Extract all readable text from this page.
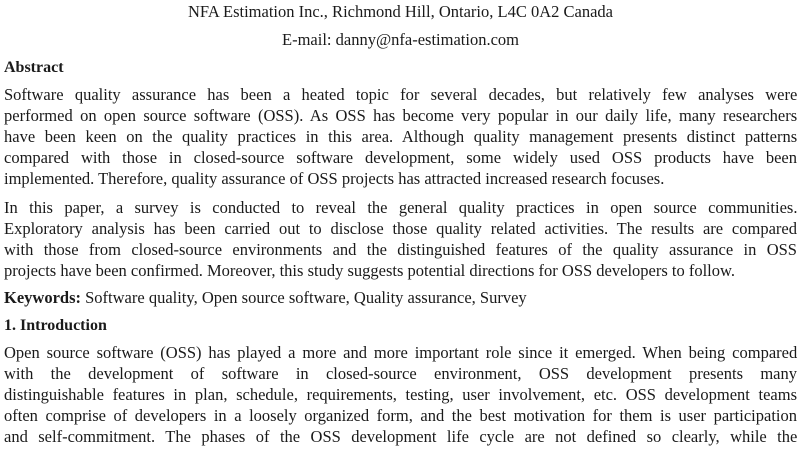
NFA Estimation Inc., Richmond Hill, Ontario, L4C 0A2 Canada
E-mail: danny@nfa-estimation.com
Abstract
Software quality assurance has been a heated topic for several decades, but relatively few analyses were
performed on open source software (OSS). As OSS has become very popular in our daily life, many researchers
have been keen on the quality practices in this area. Although quality management presents distinct patterns
compared with those in closed-source software development, some widely used OSS products have been
implemented. Therefore, quality assurance of OSS projects has attracted increased research focuses.
In this paper, a survey is conducted to reveal the general quality practices in open source communities.
Exploratory analysis has been carried out to disclose those quality related activities. The results are compared
with those from closed-source environments and the distinguished features of the quality assurance in OSS
projects have been confirmed. Moreover, this study suggests potential directions for OSS developers to follow.
Keywords: Software quality, Open source software, Quality assurance, Survey
1. Introduction
Open source software (OSS) has played a more and more important role since it emerged. When being compared
with the development of software in closed-source environment, OSS development presents many
distinguishable features in plan, schedule, requirements, testing, user involvement, etc. OSS development teams
often comprise of developers in a loosely organized form, and the best motivation for them is user participation
and self-commitment. The phases of the OSS development life cycle are not defined so clearly, while the
